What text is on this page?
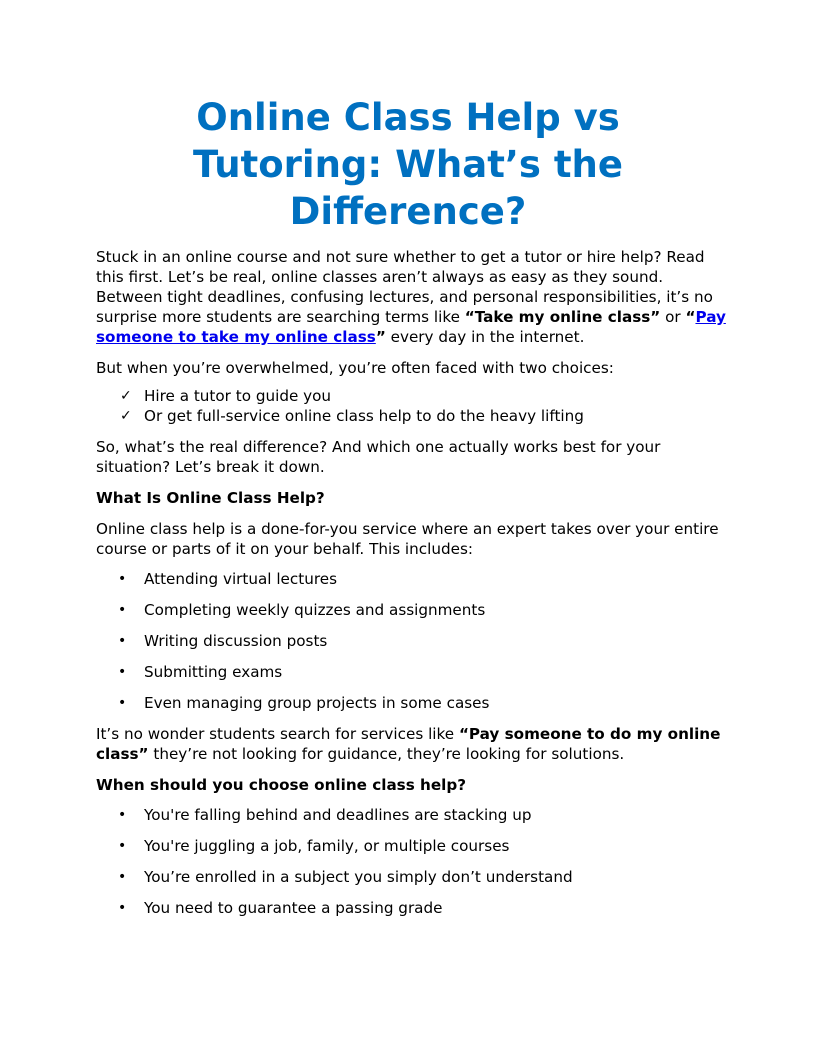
Online Class Help vs Tutoring: What’s the Difference?

Stuck in an online course and not sure whether to get a tutor or hire help? Read this first. Let’s be real, online classes aren’t always as easy as they sound. Between tight deadlines, confusing lectures, and personal responsibilities, it’s no surprise more students are searching terms like “Take my online class” or “Pay someone to take my online class” every day in the internet.

But when you’re overwhelmed, you’re often faced with two choices:

✓ Hire a tutor to guide you
✓ Or get full-service online class help to do the heavy lifting

So, what’s the real difference? And which one actually works best for your situation? Let’s break it down.

What Is Online Class Help?

Online class help is a done-for-you service where an expert takes over your entire course or parts of it on your behalf. This includes:

• Attending virtual lectures
• Completing weekly quizzes and assignments
• Writing discussion posts
• Submitting exams
• Even managing group projects in some cases

It’s no wonder students search for services like “Pay someone to do my online class” they’re not looking for guidance, they’re looking for solutions.

When should you choose online class help?

• You're falling behind and deadlines are stacking up
• You're juggling a job, family, or multiple courses
• You’re enrolled in a subject you simply don’t understand
• You need to guarantee a passing grade
